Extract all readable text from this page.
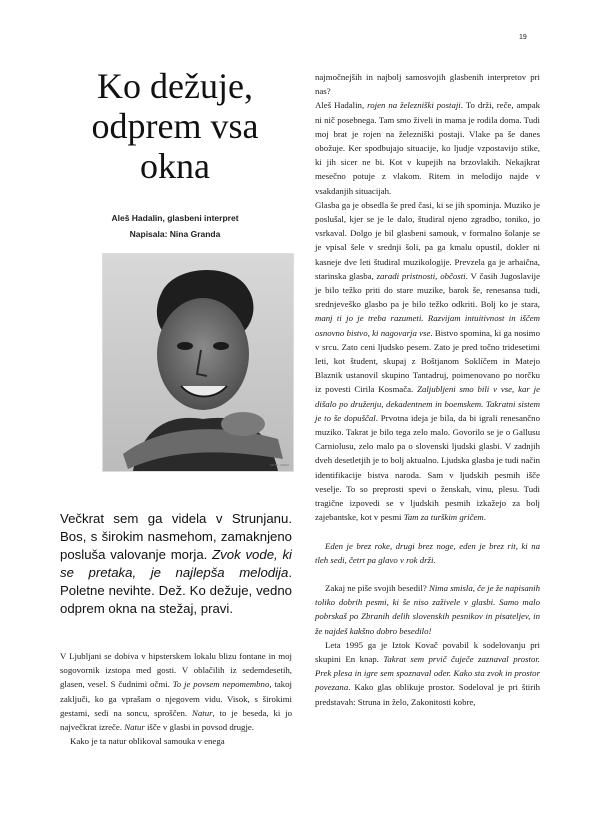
19
Ko dežuje, odprem vsa okna
Aleš Hadalin, glasbeni interpret
Napisala: Nina Granda
FOTO: ARHIV

Večkrat sem ga videla v Strunjanu. Bos, s širokim nasmehom, zamaknjeno posluša valovanje morja. Zvok vode, ki se pretaka, je najlepša melodija. Poletne nevihte. Dež. Ko dežuje, vedno odprem okna na stežaj, pravi.

V Ljubljani se dobiva v hipsterskem lokalu blizu fontane in moj sogovornik izstopa med gosti. V oblačilih iz sedemdesetih, glasen, vesel. S čudnimi očmi. To je povsem nepomembno, takoj zaključi, ko ga vprašam o njegovem vidu. Visok, s širokimi gestami, sedi na soncu, sproščen. Natur, to je beseda, ki jo največkrat izreče. Natur išče v glasbi in povsod drugje.

Kako je ta natur oblikoval samouka v enega

najmočnejših in najbolj samosvojih glasbenih interpretov pri nas?

Aleš Hadalin, rojen na železniški postaji. To drži, reče, ampak ni nič posebnega. Tam smo živeli in mama je rodila doma. Tudi moj brat je rojen na železniški postaji. Vlake pa še danes obožuje. Ker spodbujajo situacije, ko ljudje vzpostavijo stike, ki jih sicer ne bi. Kot v kupejih na brzovlakih. Nekajkrat mesečno potuje z vlakom. Ritem in melodijo najde v vsakdanjih situacijah.

Glasba ga je obsedla še pred časi, ki se jih spominja. Muziko je poslušal, kjer se je le dalo, študiral njeno zgradbo, toniko, jo vsrkaval. Dolgo je bil glasbeni samouk, v formalno šolanje se je vpisal šele v srednji šoli, pa ga kmalu opustil, dokler ni kasneje dve leti študiral muzikologije. Prevzela ga je arhaična, starinska glasba, zaradi pristnosti, občosti. V časih Jugoslavije je bilo težko priti do stare muzike, barok še, renesansa tudi, srednjeveško glasbo pa je bilo težko odkriti. Bolj ko je stara, manj ti jo je treba razumeti. Razvijam intuitivnost in iščem osnovno bistvo, ki nagovarja vse. Bistvo spomina, ki ga nosimo v srcu. Zato ceni ljudsko pesem. Zato je pred točno tridesetimi leti, kot študent, skupaj z Boštjanom Soklíčem in Matejo Blaznik ustanovil skupino Tantadruj, poimenovano po norčku iz povesti Cirila Kosmača. Zaljubljeni smo bili v vse, kar je dišalo po druženju, dekadentnem in boemskem. Takratni sistem je to še dopuščal. Prvotna ideja je bila, da bi igrali renesančno muziko. Takrat je bilo tega zelo malo. Govorilo se je o Gallusu Carniolusu, zelo malo pa o slovenski ljudski glasbi. V zadnjih dveh desetletjih je to bolj aktualno. Ljudska glasba je tudi način identifikacije bistva naroda. Sam v ljudskih pesmih išče veselje. To so preprosti spevi o ženskah, vinu, plesu. Tudi tragične izpovedi se v ljudskih pesmih izkažejo za bolj zajebantske, kot v pesmi Tam za turškim gričem.

Eden je brez roke, drugi brez noge, eden je brez rit, ki na tleh sedi, četrt pa glavo v rok drži.

Zakaj ne piše svojih besedil? Nima smisla, če je že napisanih toliko dobrih pesmi, ki še niso zaživele v glasbi. Samo malo pobrskaš po Zbranih delih slovenskih pesnikov in pisateljev, in že najdeš kakšno dobro besedilo!

Leta 1995 ga je Iztok Kovač povabil k sodelovanju pri skupini En knap. Takrat sem prvič čuječe zaznaval prostor. Prek plesa in igre sem spoznaval oder. Kako sta zvok in prostor povezana. Kako glas oblikuje prostor. Sodeloval je pri štirih predstavah: Struna in želo, Zakonitosti kobre,
